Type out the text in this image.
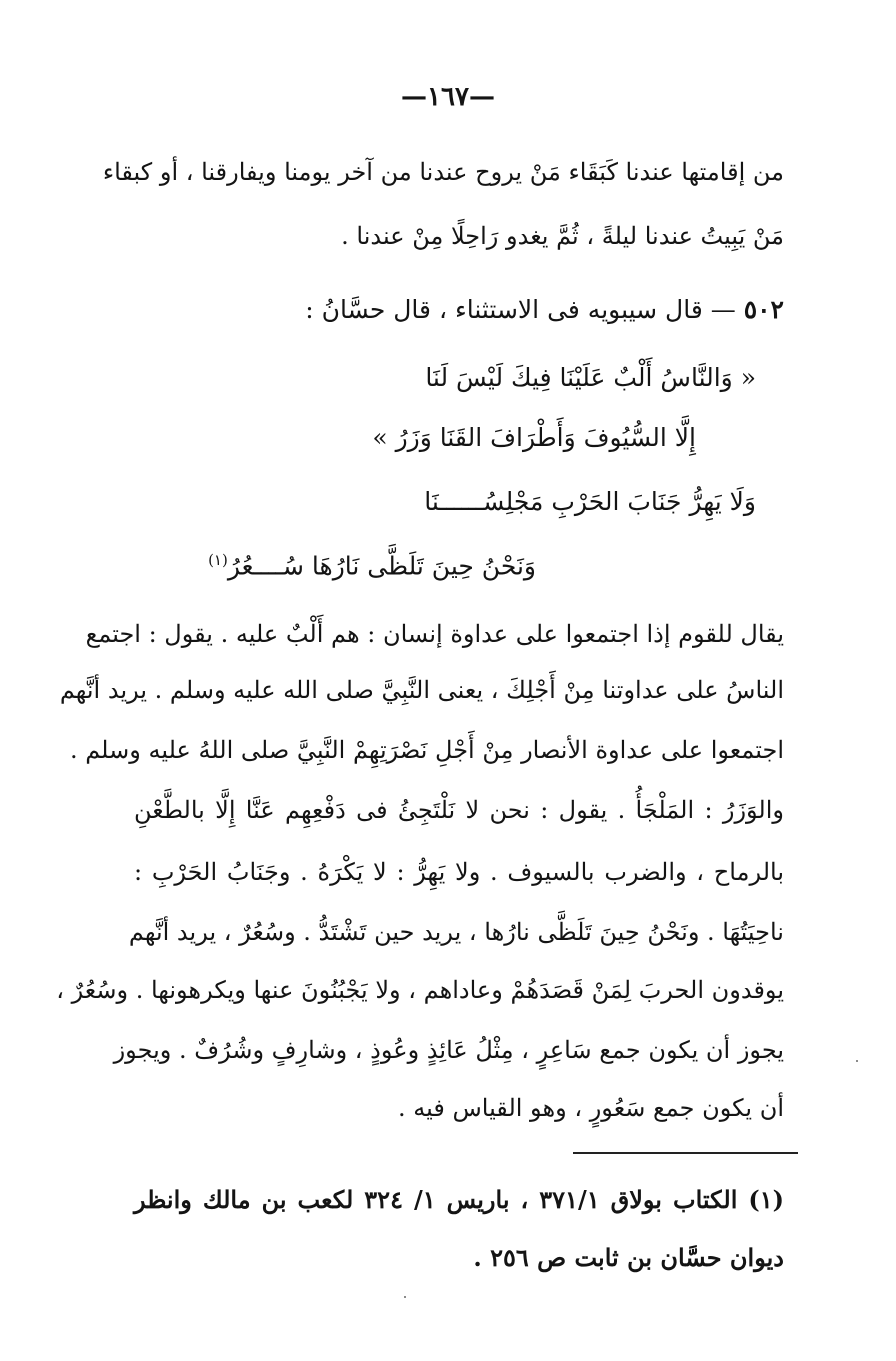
—١٦٧—
من إقامتها عندنا كَبَقَاء مَنْ يروح عندنا من آخر يومنا ويفارقنا ، أو كبقاء
مَنْ يَبِيتُ عندنا ليلةً ، ثُمَّ يغدو رَاحِلًا مِنْ عندنا .
٥٠٢ — قال سيبويه فى الاستثناء ، قال حسَّانُ :
« وَالنَّاسُ أَلْبٌ عَلَيْنَا فِيكَ لَيْسَ لَنَا
إِلَّا السُّيُوفَ وَأَطْرَافَ القَنَا وَزَرُ »
وَلَا يَهِرُّ جَنَابَ الحَرْبِ مَجْلِسُــــــنَا
وَنَحْنُ حِينَ تَلَظَّى نَارُهَا سُــــعُرُ$^{(١)}$
يقال للقوم إذا اجتمعوا على عداوة إنسان : هم أَلْبٌ عليه . يقول : اجتمع
الناسُ على عداوتنا مِنْ أَجْلِكَ ، يعنى النَّبِيَّ صلى الله عليه وسلم . يريد أنَّهم
اجتمعوا على عداوة الأنصار مِنْ أَجْلِ نَصْرَتِهِمْ النَّبِيَّ صلى اللهُ عليه وسلم .
والوَزَرُ : المَلْجَأُ . يقول : نحن لا نَلْتَجِئُ فى دَفْعِهِم عَنَّا إِلَّا بالطَّعْنِ
بالرماح ، والضرب بالسيوف . ولا يَهِرُّ : لا يَكْرَهُ . وجَنَابُ الحَرْبِ :
ناحِيَتُهَا . ونَحْنُ حِينَ تَلَظَّى نارُها ، يريد حين تَشْتَدُّ . وسُعُرٌ ، يريد أنَّهم
يوقدون الحربَ لِمَنْ قَصَدَهُمْ وعاداهم ، ولا يَجْبُنُونَ عنها ويكرهونها . وسُعُرٌ ،
يجوز أن يكون جمع سَاعِرٍ ، مِثْلُ عَائِذٍ وعُوذٍ ، وشارِفٍ وشُرُفٌ . ويجوز
أن يكون جمع سَعُورٍ ، وهو القياس فيه .
(١) الكتاب بولاق ٣٧١/١ ، باريس ١/ ٣٢٤ لكعب بن مالك وانظر
ديوان حسَّان بن ثابت ص ٢٥٦ .
